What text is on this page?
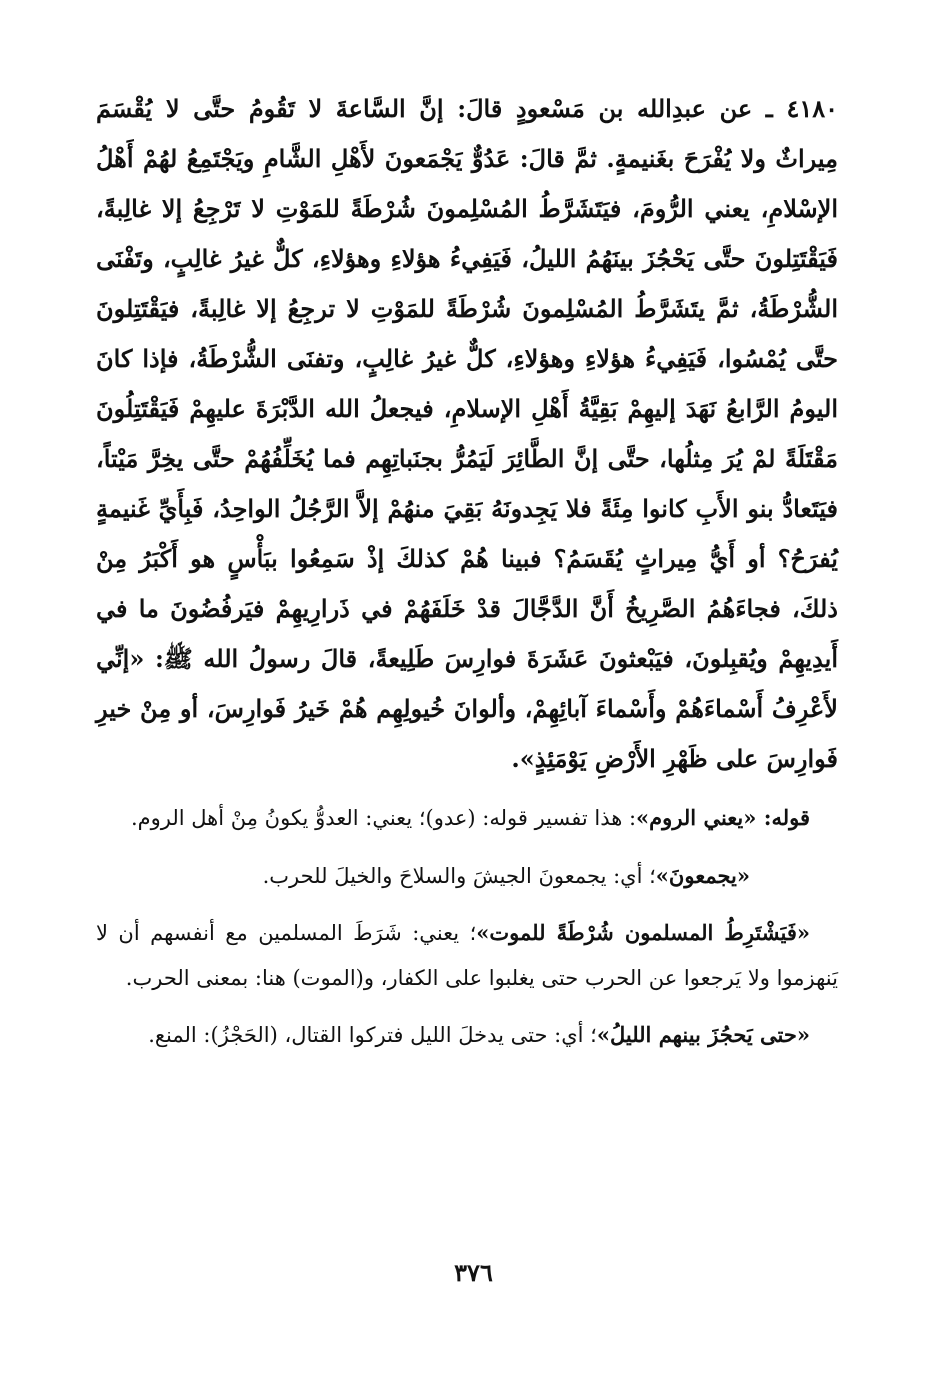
٤١٨٠ ـ عن عبدِالله بن مَسْعودٍ قالَ: إنَّ السَّاعةَ لا تَقُومُ حتَّى لا يُقْسَمَ مِيراثٌ ولا يُفْرَحَ بغَنيمةٍ. ثمَّ قالَ: عَدُوٌّ يَجْمَعونَ لأَهْلِ الشَّامِ ويَجْتَمِعُ لهُمْ أَهْلُ الإسْلامِ، يعني الرُّومَ، فيَتَشَرَّطُ المُسْلِمونَ شُرْطَةً للمَوْتِ لا تَرْجِعُ إلا غالِبةً، فَيَقْتَتِلونَ حتَّى يَحْجُزَ بينَهُمُ الليلُ، فَيَفِيءُ هؤلاءِ وهؤلاءِ، كلٌّ غيرُ غالِبٍ، وتَفْنَى الشُّرْطَةُ، ثمَّ يتَشَرَّطُ المُسْلِمونَ شُرْطَةً للمَوْتِ لا ترجِعُ إلا غالِبةً، فيَقْتَتِلونَ حتَّى يُمْسُوا، فَيَفِيءُ هؤلاءِ وهؤلاءِ، كلٌّ غيرُ غالِبٍ، وتفنَى الشُّرْطَةُ، فإذا كانَ اليومُ الرَّابعُ نَهَدَ إليهِمْ بَقِيَّةُ أَهْلِ الإسلامِ، فيجعلُ الله الدَّبْرَةَ عليهِمْ فَيَقْتَتِلُونَ مَقْتَلَةً لمْ يُرَ مِثلُها، حتَّى إنَّ الطَّائِرَ لَيَمُرُّ بجنَباتِهِم فما يُخَلِّفُهُمْ حتَّى يخِرَّ مَيْتاً، فيَتَعادُّ بنو الأَبِ كانوا مِئَةً فلا يَجِدونَهُ بَقِيَ منهُمْ إلاَّ الرَّجُلُ الواحِدُ، فَبِأَيِّ غَنيمةٍ يُفرَحُ؟ أو أَيُّ مِيراثٍ يُقَسَمُ؟ فبينا هُمْ كذلكَ إذْ سَمِعُوا ببَأْسٍ هو أَكْبَرُ مِنْ ذلكَ، فجاءَهُمُ الصَّرِيخُ أَنَّ الدَّجَّالَ قدْ خَلَفَهُمْ في ذَرارِيهِمْ فيَرفُضُونَ ما في أَيدِيهِمْ ويُقبِلونَ، فيَبْعثونَ عَشَرَةَ فوارِسَ طَلِيعةً، قالَ رسولُ الله ﷺ: «إنِّي لأَعْرِفُ أَسْماءَهُمْ وأَسْماءَ آبائِهِمْ، وألوانَ خُيولِهِم هُمْ خَيرُ فَوارِسَ، أو مِنْ خيرِ فَوارِسَ على ظَهْرِ الأَرْضِ يَوْمَئِذٍ».

قوله: «يعني الروم»: هذا تفسير قوله: (عدو)؛ يعني: العدوُّ يكونُ مِنْ أهل الروم.

«يجمعونَ»؛ أي: يجمعونَ الجيشَ والسلاحَ والخيلَ للحرب.

«فَيَشْتَرِطُ المسلمون شُرْطَةً للموت»؛ يعني: شَرَطَ المسلمين مع أنفسهم أن لا يَنهزموا ولا يَرجعوا عن الحرب حتى يغلبوا على الكفار، و(الموت) هنا: بمعنى الحرب.

«حتى يَحجُزَ بينهم الليلُ»؛ أي: حتى يدخلَ الليل فتركوا القتال، (الحَجْزُ): المنع.

٣٧٦
